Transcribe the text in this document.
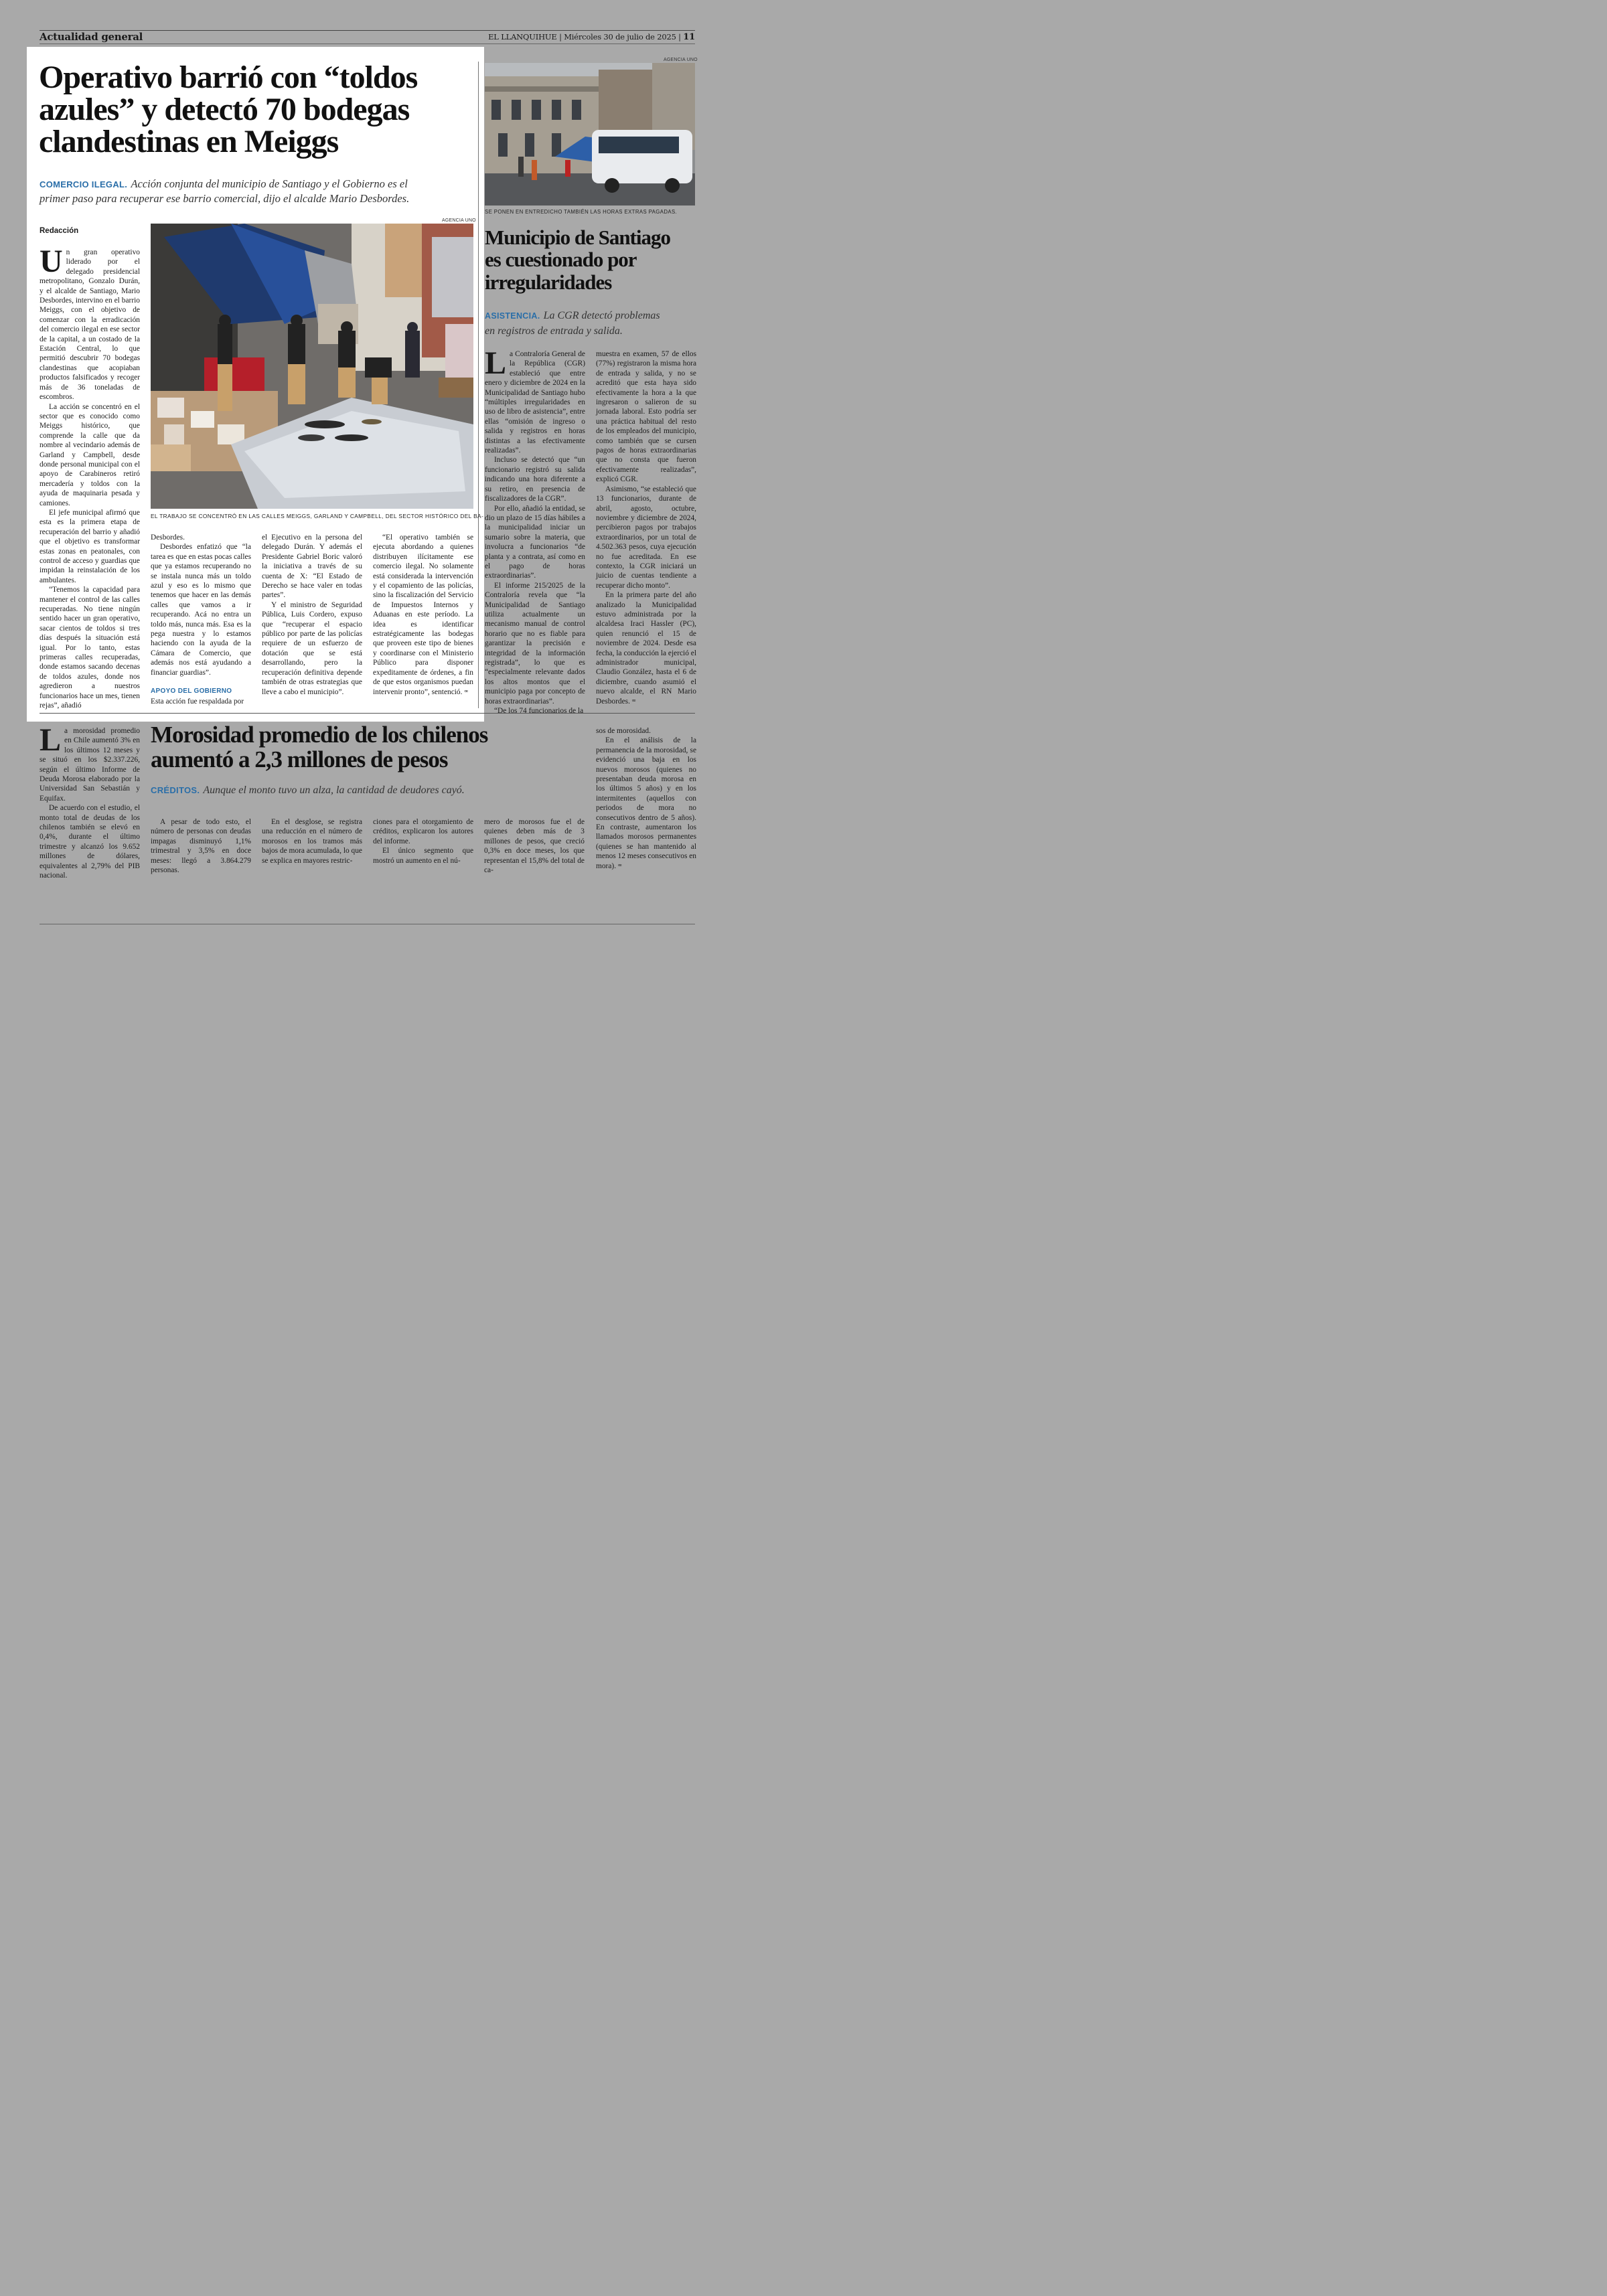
Actualidad general	EL LLANQUIHUE | Miércoles 30 de julio de 2025 | 11
Operativo barrió con “toldos
azules” y detectó 70 bodegas
clandestinas en Meiggs
COMERCIO ILEGAL. Acción conjunta del municipio de Santiago y el Gobierno es el
primer paso para recuperar ese barrio comercial, dijo el alcalde Mario Desbordes.
Redacción
AGENCIA UNO
EL TRABAJO SE CONCENTRÓ EN LAS CALLES MEIGGS, GARLAND Y CAMPBELL, DEL SECTOR HISTÓRICO DEL BA-

Un gran operativo liderado por el delegado presidencial metropolitano, Gonzalo Durán, y el alcalde de Santiago, Mario Desbordes, intervino en el barrio Meiggs, con el objetivo de comenzar con la erradicación del comercio ilegal en ese sector de la capital, a un costado de la Estación Central, lo que permitió descubrir 70 bodegas clandestinas que acopiaban productos falsificados y recoger más de 36 toneladas de escombros.

La acción se concentró en el sector que es conocido como Meiggs histórico, que comprende la calle que da nombre al vecindario además de Garland y Campbell, desde donde personal municipal con el apoyo de Carabineros retiró mercadería y toldos con la ayuda de maquinaria pesada y camiones.

El jefe municipal afirmó que esta es la primera etapa de recuperación del barrio y añadió que el objetivo es transformar estas zonas en peatonales, con control de acceso y guardias que impidan la reinstalación de los ambulantes.

“Tenemos la capacidad para mantener el control de las calles recuperadas. No tiene ningún sentido hacer un gran operativo, sacar cientos de toldos si tres días después la situación está igual. Por lo tanto, estas primeras calles recuperadas, donde estamos sacando decenas de toldos azules, donde nos agredieron a nuestros funcionarios hace un mes, tienen rejas”, añadió

Desbordes.

Desbordes enfatizó que “la tarea es que en estas pocas calles que ya estamos recuperando no se instala nunca más un toldo azul y eso es lo mismo que tenemos que hacer en las demás calles que vamos a ir recuperando. Acá no entra un toldo más, nunca más. Esa es la pega nuestra y lo estamos haciendo con la ayuda de la Cámara de Comercio, que además nos está ayudando a financiar guardias”.

APOYO DEL GOBIERNO

Esta acción fue respaldada por

el Ejecutivo en la persona del delegado Durán. Y además el Presidente Gabriel Boric valoró la iniciativa a través de su cuenta de X: “El Estado de Derecho se hace valer en todas partes”.

Y el ministro de Seguridad Pública, Luis Cordero, expuso que “recuperar el espacio público por parte de las policías requiere de un esfuerzo de dotación que se está desarrollando, pero la recuperación definitiva depende también de otras estrategias que lleve a cabo el municipio”.

“El operativo también se ejecuta abordando a quienes distribuyen ilícitamente ese comercio ilegal. No solamente está considerada la intervención y el copamiento de las policías, sino la fiscalización del Servicio de Impuestos Internos y Aduanas en este período. La idea es identificar estratégicamente las bodegas que proveen este tipo de bienes y coordinarse con el Ministerio Público para disponer expeditamente de órdenes, a fin de que estos organismos puedan intervenir pronto”, sentenció. ꟹ

AGENCIA UNO
SE PONEN EN ENTREDICHO TAMBIÉN LAS HORAS EXTRAS PAGADAS.
Municipio de Santiago
es cuestionado por
irregularidades
ASISTENCIA. La CGR detectó problemas
en registros de entrada y salida.

La Contraloría General de la República (CGR) estableció que entre enero y diciembre de 2024 en la Municipalidad de Santiago hubo “múltiples irregularidades en uso de libro de asistencia”, entre ellas “omisión de ingreso o salida y registros en horas distintas a las efectivamente realizadas”.

Incluso se detectó que “un funcionario registró su salida indicando una hora diferente a su retiro, en presencia de fiscalizadores de la CGR”.

Por ello, añadió la entidad, se dio un plazo de 15 días hábiles a la municipalidad iniciar un sumario sobre la materia, que involucra a funcionarios “de planta y a contrata, así como en el pago de horas extraordinarias”.

El informe 215/2025 de la Contraloría revela que “la Municipalidad de Santiago utiliza actualmente un mecanismo manual de control horario que no es fiable para garantizar la precisión e integridad de la información registrada”, lo que es “especialmente relevante dados los altos montos que el municipio paga por concepto de horas extraordinarias”.

“De los 74 funcionarios de la

muestra en examen, 57 de ellos (77%) registraron la misma hora de entrada y salida, y no se acreditó que esta haya sido efectivamente la hora a la que ingresaron o salieron de su jornada laboral. Esto podría ser una práctica habitual del resto de los empleados del municipio, como también que se cursen pagos de horas extraordinarias que no consta que fueron efectivamente realizadas”, explicó CGR.

Asimismo, “se estableció que 13 funcionarios, durante de abril, agosto, octubre, noviembre y diciembre de 2024, percibieron pagos por trabajos extraordinarios, por un total de 4.502.363 pesos, cuya ejecución no fue acreditada. En ese contexto, la CGR iniciará un juicio de cuentas tendiente a recuperar dicho monto”.

En la primera parte del año analizado la Municipalidad estuvo administrada por la alcaldesa Iraci Hassler (PC), quien renunció el 15 de noviembre de 2024. Desde esa fecha, la conducción la ejerció el administrador municipal, Claudio González, hasta el 6 de diciembre, cuando asumió el nuevo alcalde, el RN Mario Desbordes. ꟹ

Morosidad promedio de los chilenos
aumentó a 2,3 millones de pesos
CRÉDITOS. Aunque el monto tuvo un alza, la cantidad de deudores cayó.

La morosidad promedio en Chile aumentó 3% en los últimos 12 meses y se situó en los $2.337.226, según el último Informe de Deuda Morosa elaborado por la Universidad San Sebastián y Equifax.

De acuerdo con el estudio, el monto total de deudas de los chilenos también se elevó en 0,4%, durante el último trimestre y alcanzó los 9.652 millones de dólares, equivalentes al 2,79% del PIB nacional.

A pesar de todo esto, el número de personas con deudas impagas disminuyó 1,1% trimestral y 3,5% en doce meses: llegó a 3.864.279 personas.

En el desglose, se registra una reducción en el número de morosos en los tramos más bajos de mora acumulada, lo que se explica en mayores restric-

ciones para el otorgamiento de créditos, explicaron los autores del informe.

El único segmento que mostró un aumento en el nú-

mero de morosos fue el de quienes deben más de 3 millones de pesos, que creció 0,3% en doce meses, los que representan el 15,8% del total de ca-

sos de morosidad.

En el análisis de la permanencia de la morosidad, se evidenció una baja en los nuevos morosos (quienes no presentaban deuda morosa en los últimos 5 años) y en los intermitentes (aquellos con periodos de mora no consecutivos dentro de 5 años). En contraste, aumentaron los llamados morosos permanentes (quienes se han mantenido al menos 12 meses consecutivos en mora). ꟹ
